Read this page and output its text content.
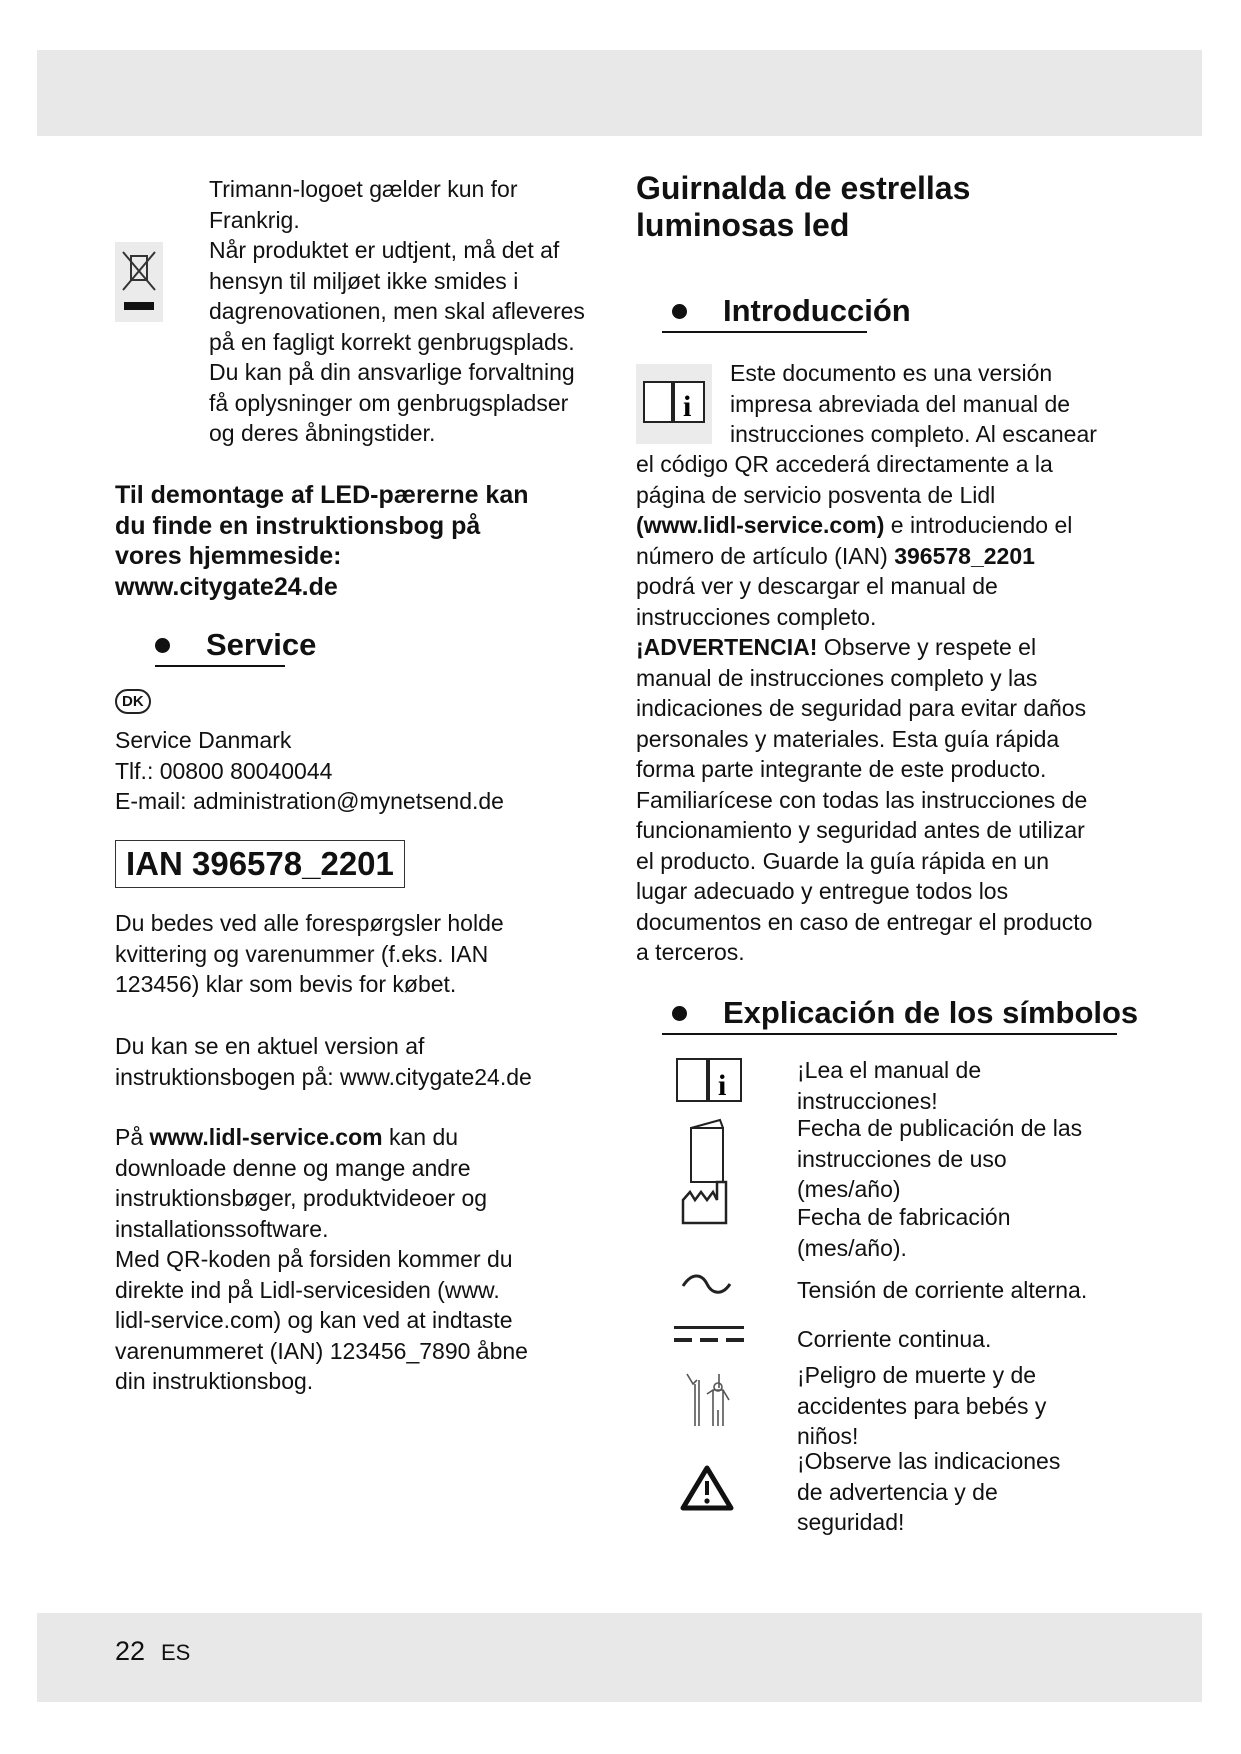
Trimann-logoet gælder kun for
Frankrig.
Når produktet er udtjent, må det af
hensyn til miljøet ikke smides i
dagrenovationen, men skal afleveres
på en fagligt korrekt genbrugsplads.
Du kan på din ansvarlige forvaltning
få oplysninger om genbrugspladser
og deres åbningstider.
Til demontage af LED-pærerne kan
du finde en instruktionsbog på
vores hjemmeside:
www.citygate24.de
Service
DK
Service Danmark
Tlf.: 00800 80040044
E-mail: administration@mynetsend.de
IAN 396578_2201
Du bedes ved alle forespørgsler holde
kvittering og varenummer (f.eks. IAN
123456) klar som bevis for købet.
Du kan se en aktuel version af
instruktionsbogen på: www.citygate24.de
På www.lidl-service.com kan du
downloade denne og mange andre
instruktionsbøger, produktvideoer og
installationssoftware.
Med QR-koden på forsiden kommer du
direkte ind på Lidl-servicesiden (www.
lidl-service.com) og kan ved at indtaste
varenummeret (IAN) 123456_7890 åbne
din instruktionsbog.
Guirnalda de estrellas
luminosas led
Introducción
i
Este documento es una versión
impresa abreviada del manual de
instrucciones completo. Al escanear
el código QR accederá directamente a la
página de servicio posventa de Lidl
(www.lidl-service.com) e introduciendo el
número de artículo (IAN) 396578_2201
podrá ver y descargar el manual de
instrucciones completo.
¡ADVERTENCIA! Observe y respete el
manual de instrucciones completo y las
indicaciones de seguridad para evitar daños
personales y materiales. Esta guía rápida
forma parte integrante de este producto.
Familiarícese con todas las instrucciones de
funcionamiento y seguridad antes de utilizar
el producto. Guarde la guía rápida en un
lugar adecuado y entregue todos los
documentos en caso de entregar el producto
a terceros.
Explicación de los símbolos
i	¡Lea el manual de
instrucciones!
Fecha de publicación de las
instrucciones de uso
(mes/año)
Fecha de fabricación
(mes/año).
Tensión de corriente alterna.
Corriente continua.
¡Peligro de muerte y de
accidentes para bebés y
niños!
¡Observe las indicaciones
de advertencia y de
seguridad!
22 ES
